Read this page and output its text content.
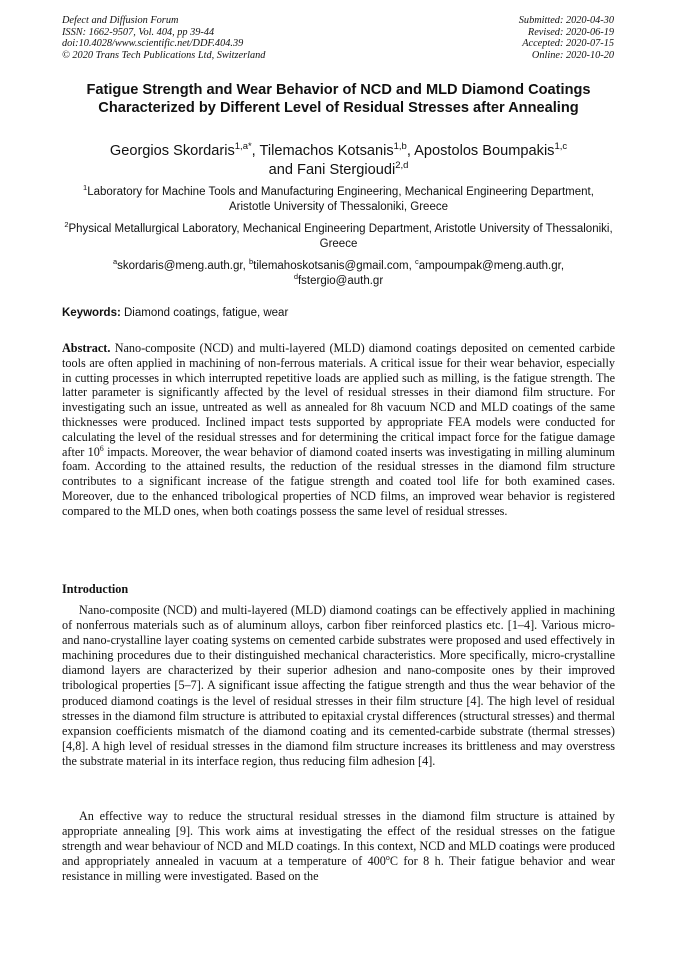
Defect and Diffusion Forum
ISSN: 1662-9507, Vol. 404, pp 39-44
doi:10.4028/www.scientific.net/DDF.404.39
© 2020 Trans Tech Publications Ltd, Switzerland
Submitted: 2020-04-30
Revised: 2020-06-19
Accepted: 2020-07-15
Online: 2020-10-20
Fatigue Strength and Wear Behavior of NCD and MLD Diamond Coatings Characterized by Different Level of Residual Stresses after Annealing
Georgios Skordaris$^{1,a*}$, Tilemachos Kotsanis$^{1,b}$, Apostolos Boumpakis$^{1,c}$
and Fani Stergioudi$^{2,d}$
$^1$Laboratory for Machine Tools and Manufacturing Engineering, Mechanical Engineering Department, Aristotle University of Thessaloniki, Greece
$^2$Physical Metallurgical Laboratory, Mechanical Engineering Department, Aristotle University of Thessaloniki, Greece
$^a$skordaris@meng.auth.gr, $^b$tilemahoskotsanis@gmail.com, $^c$ampoumpak@meng.auth.gr,
$^d$fstergio@auth.gr
Keywords: Diamond coatings, fatigue, wear

Abstract. Nano-composite (NCD) and multi-layered (MLD) diamond coatings deposited on cemented carbide tools are often applied in machining of non-ferrous materials. A critical issue for their wear behavior, especially in cutting processes in which interrupted repetitive loads are applied such as milling, is the fatigue strength. The latter parameter is significantly affected by the level of residual stresses in their diamond film structure. For investigating such an issue, untreated as well as annealed for 8h vacuum NCD and MLD coatings of the same thicknesses were produced. Inclined impact tests supported by appropriate FEA models were conducted for calculating the level of the residual stresses and for determining the critical impact force for the fatigue damage after $10^6$ impacts. Moreover, the wear behavior of diamond coated inserts was investigating in milling aluminum foam. According to the attained results, the reduction of the residual stresses in the diamond film structure contributes to a significant increase of the fatigue strength and coated tool life for both examined cases. Moreover, due to the enhanced tribological properties of NCD films, an improved wear behavior is registered compared to the MLD ones, when both coatings possess the same level of residual stresses.

Introduction

Nano-composite (NCD) and multi-layered (MLD) diamond coatings can be effectively applied in machining of nonferrous materials such as of aluminum alloys, carbon fiber reinforced plastics etc. [1–4]. Various micro- and nano-crystalline layer coating systems on cemented carbide substrates were proposed and used effectively in machining procedures due to their distinguished mechanical characteristics. More specifically, micro-crystalline diamond layers are characterized by their superior adhesion and nano-composite ones by their improved tribological properties [5–7]. A significant issue affecting the fatigue strength and thus the wear behavior of the produced diamond coatings is the level of residual stresses in their film structure [4]. The high level of residual stresses in the diamond film structure is attributed to epitaxial crystal differences (structural stresses) and thermal expansion coefficients mismatch of the diamond coating and its cemented-carbide substrate (thermal stresses) [4,8]. A high level of residual stresses in the diamond film structure increases its brittleness and may overstress the substrate material in its interface region, thus reducing film adhesion [4].

An effective way to reduce the structural residual stresses in the diamond film structure is attained by appropriate annealing [9]. This work aims at investigating the effect of the residual stresses on the fatigue strength and wear behaviour of NCD and MLD coatings. In this context, NCD and MLD coatings were produced and appropriately annealed in vacuum at a temperature of 400$^o$C for 8 h. Their fatigue behavior and wear resistance in milling were investigated. Based on the
